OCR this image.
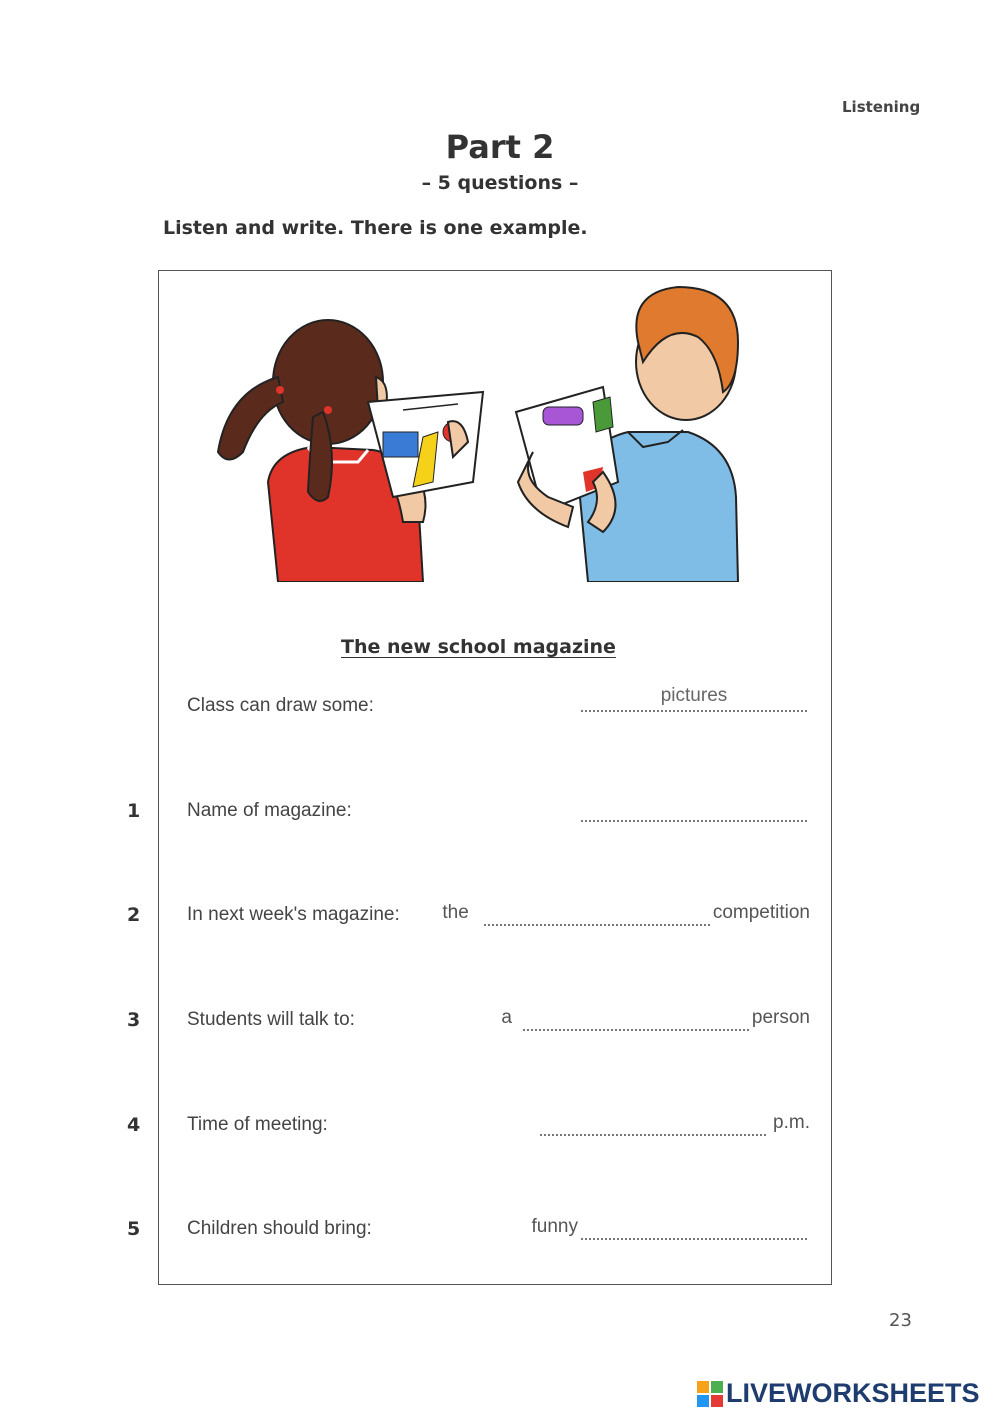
Listening
Part 2
– 5 questions –
Listen and write. There is one example.
The new school magazine
Class can draw some:	pictures
1 Name of magazine:
2 In next week's magazine: the	competition
3 Students will talk to:	a	person
4 Time of meeting:	p.m.
5 Children should bring:	funny
23
LIVEWORKSHEETS
